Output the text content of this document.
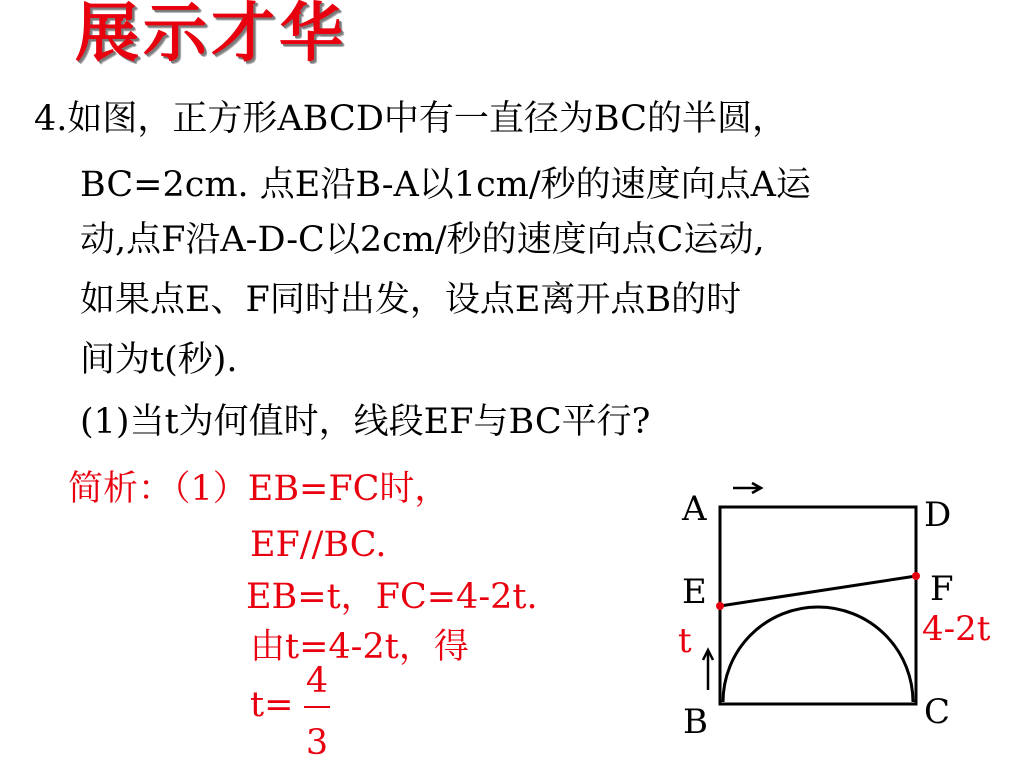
展示才华
4.如图，正方形ABCD中有一直径为BC的半圆，
BC=2cm. 点E沿B-A以1cm/秒的速度向点A运
动,点F沿A-D-C以2cm/秒的速度向点C运动,
如果点E、F同时出发，设点E离开点B的时
间为t(秒).
(1)当t为何值时，线段EF与BC平行?
简析：（1）EB=FC时，
EF//BC.
EB=t，FC=4-2t.
由t=4-2t，得
t=
4
3
A	D
E	F
B	C
t	4-2t
